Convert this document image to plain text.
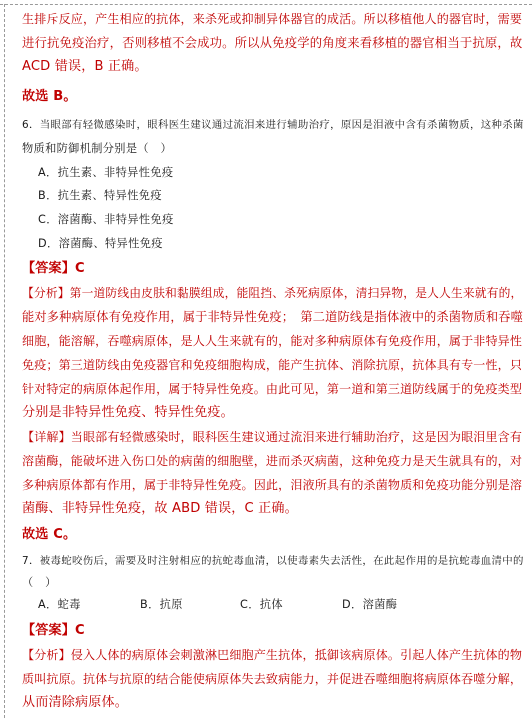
生排斥反应，产生相应的抗体，来杀死或抑制异体器官的成活。所以移植他人的器官时，需要
进行抗免疫治疗，否则移植不会成功。所以从免疫学的角度来看移植的器官相当于抗原，故
ACD 错误，B 正确。
故选 B。
6．当眼部有轻微感染时，眼科医生建议通过流泪来进行辅助治疗，原因是泪液中含有杀菌物质，这种杀菌
物质和防御机制分别是（　）
A．抗生素、非特异性免疫
B．抗生素、特异性免疫
C．溶菌酶、非特异性免疫
D．溶菌酶、特异性免疫
【答案】C
【分析】第一道防线由皮肤和黏膜组成，能阻挡、杀死病原体，清扫异物，是人人生来就有的，
能对多种病原体有免疫作用，属于非特异性免疫；　第二道防线是指体液中的杀菌物质和吞噬
细胞，能溶解，吞噬病原体，是人人生来就有的，能对多种病原体有免疫作用，属于非特异性
免疫；第三道防线由免疫器官和免疫细胞构成，能产生抗体、消除抗原，抗体具有专一性，只
针对特定的病原体起作用，属于特异性免疫。由此可见，第一道和第三道防线属于的免疫类型
分别是非特异性免疫、特异性免疫。
【详解】当眼部有轻微感染时，眼科医生建议通过流泪来进行辅助治疗，这是因为眼泪里含有
溶菌酶，能破坏进入伤口处的病菌的细胞壁，进而杀灭病菌，这种免疫力是天生就具有的，对
多种病原体都有作用，属于非特异性免疫。因此，泪液所具有的杀菌物质和免疫功能分别是溶
菌酶、非特异性免疫，故 ABD 错误，C 正确。
故选 C。
7．被毒蛇咬伤后，需要及时注射相应的抗蛇毒血清，以使毒素失去活性，在此起作用的是抗蛇毒血清中的
（　）
A．蛇毒	B．抗原	C．抗体	D．溶菌酶
【答案】C
【分析】侵入人体的病原体会刺激淋巴细胞产生抗体，抵御该病原体。引起人体产生抗体的物
质叫抗原。抗体与抗原的结合能使病原体失去致病能力，并促进吞噬细胞将病原体吞噬分解，
从而清除病原体。
